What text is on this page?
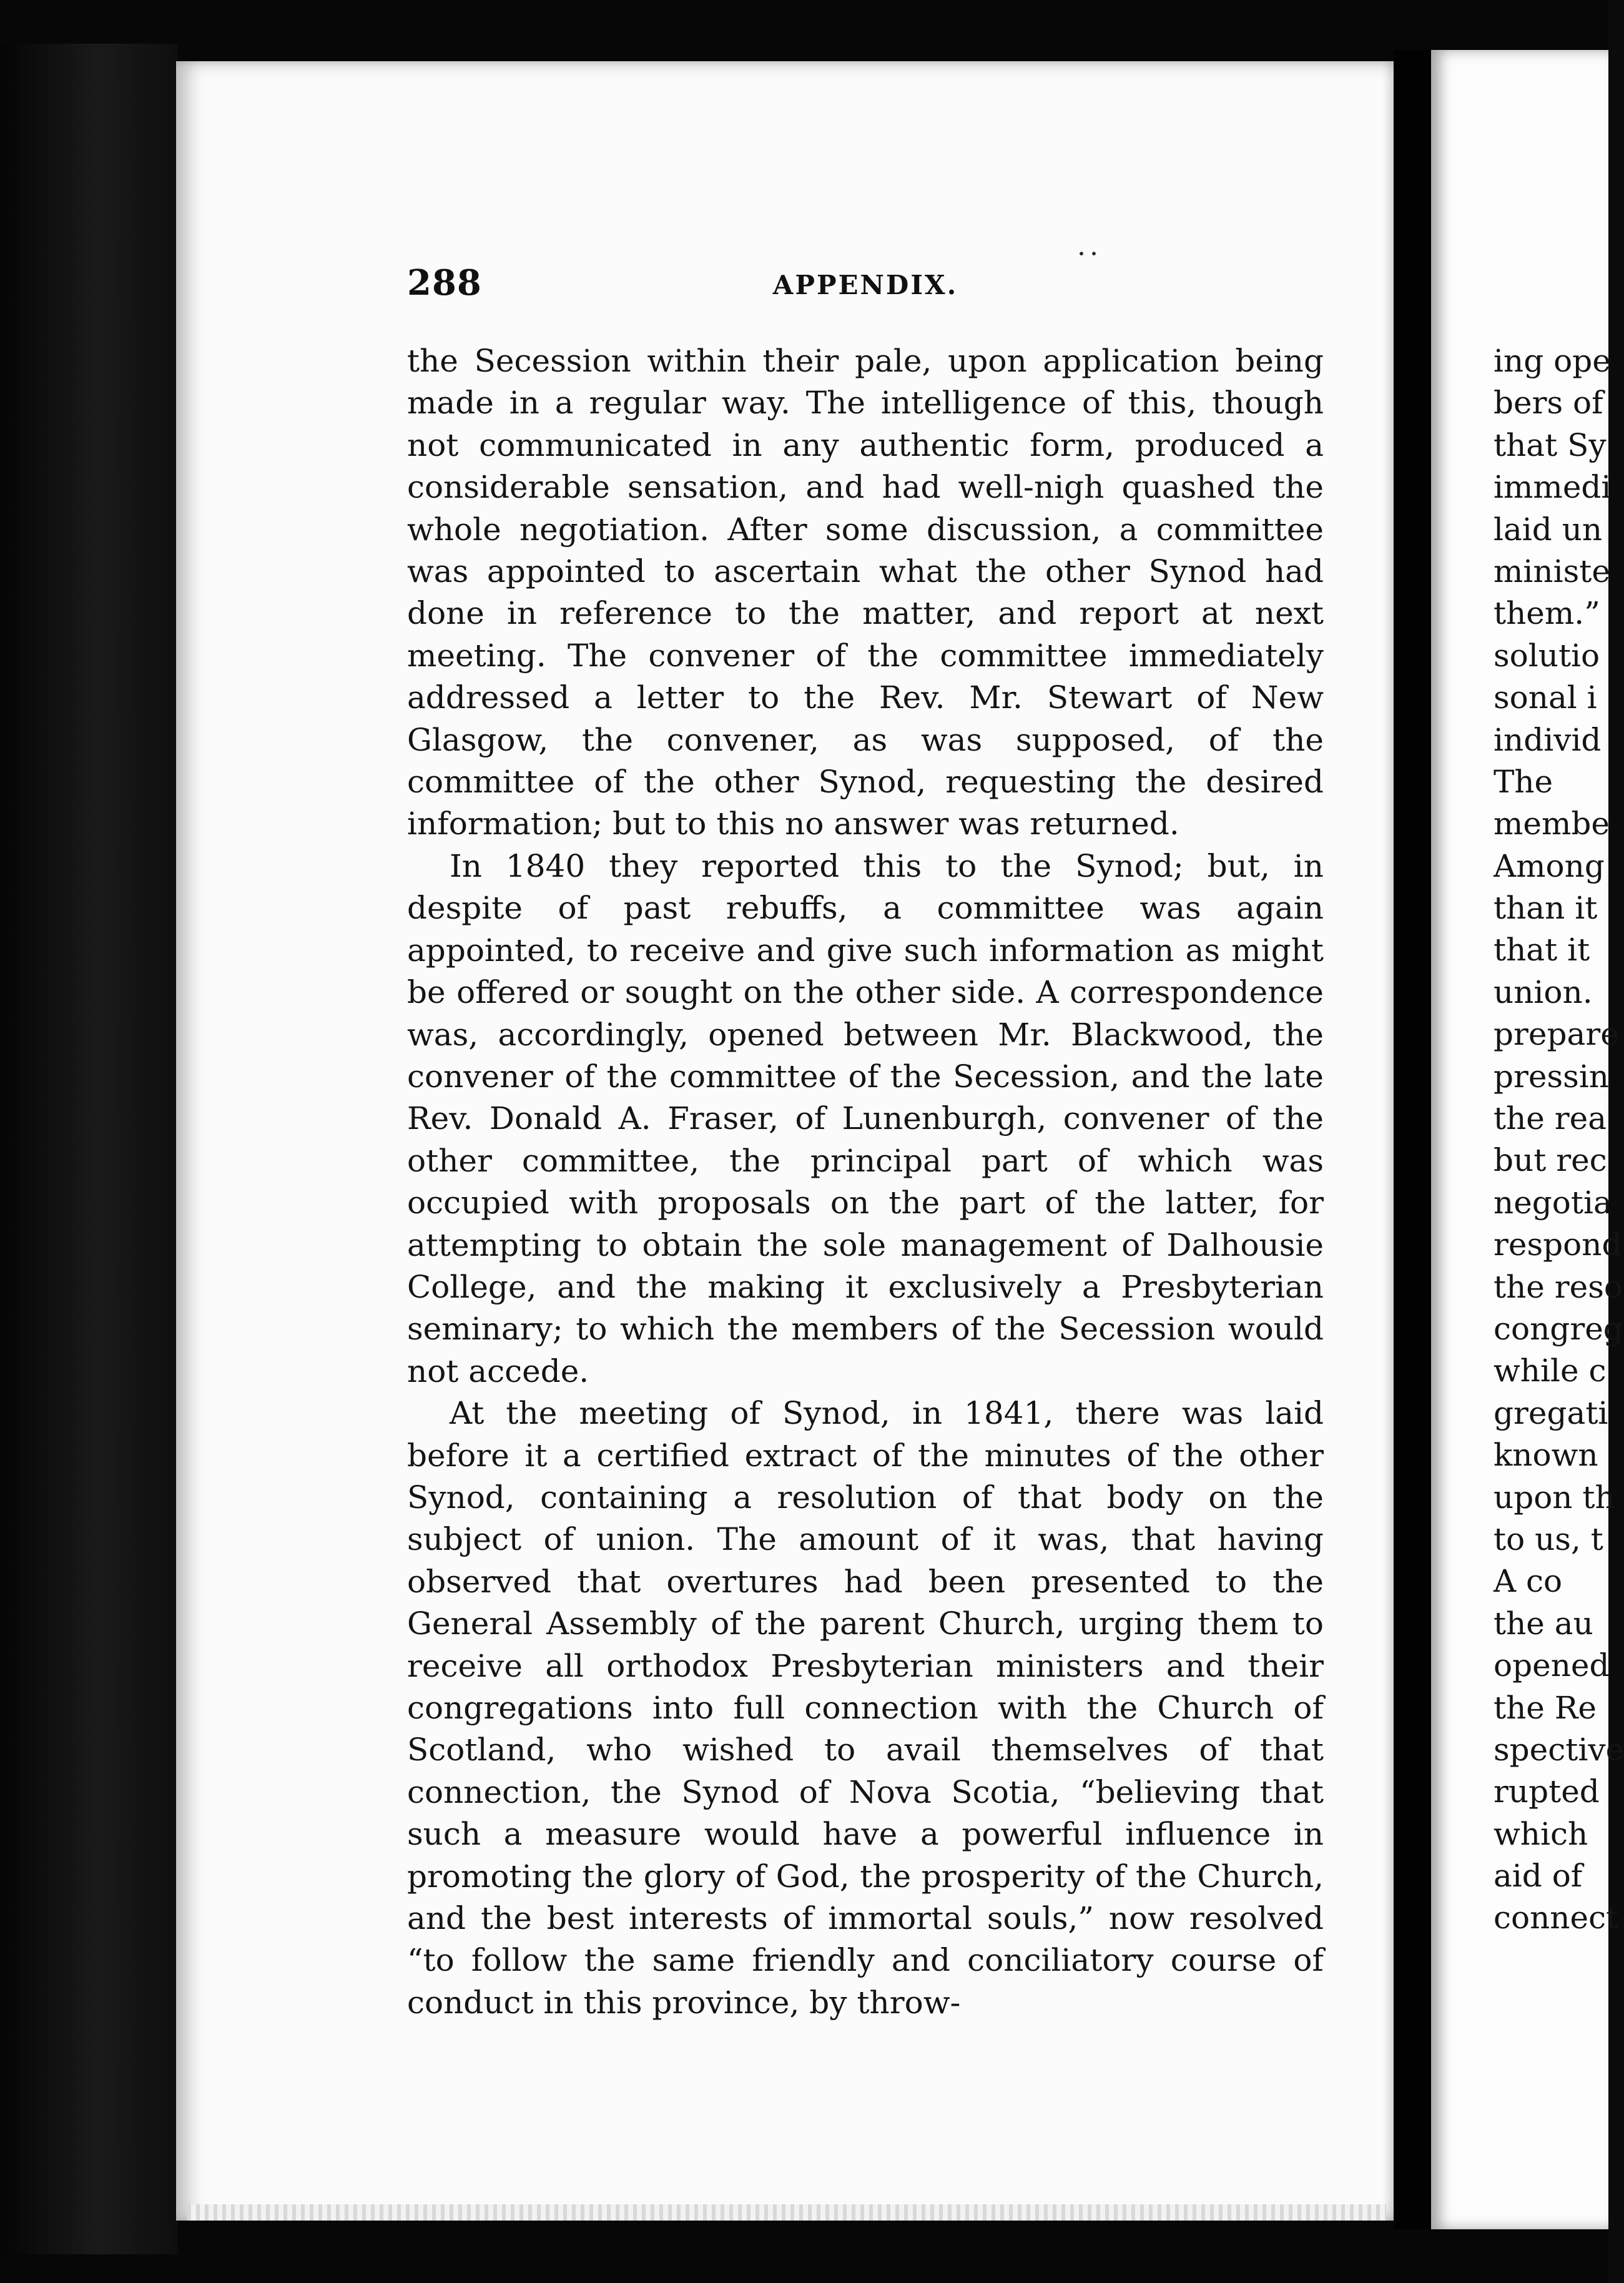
288	APPENDIX.
˙˙

the Secession within their pale, upon application being made in a regular way. The intelligence of this, though not communicated in any authentic form, produced a considerable sensation, and had well-nigh quashed the whole negotiation. After some discussion, a committee was appointed to ascertain what the other Synod had done in reference to the matter, and report at next meeting. The convener of the committee immediately addressed a letter to the Rev. Mr. Stewart of New Glasgow, the convener, as was supposed, of the committee of the other Synod, requesting the desired information; but to this no answer was returned.

In 1840 they reported this to the Synod; but, in despite of past rebuffs, a committee was again appointed, to receive and give such information as might be offered or sought on the other side. A correspondence was, accordingly, opened between Mr. Blackwood, the convener of the committee of the Secession, and the late Rev. Donald A. Fraser, of Lunenburgh, convener of the other committee, the principal part of which was occupied with proposals on the part of the latter, for attempting to obtain the sole management of Dalhousie College, and the making it exclusively a Presbyterian seminary; to which the members of the Secession would not accede.

At the meeting of Synod, in 1841, there was laid before it a certified extract of the minutes of the other Synod, containing a resolution of that body on the subject of union. The amount of it was, that having observed that overtures had been presented to the General Assembly of the parent Church, urging them to receive all orthodox Presbyterian ministers and their congregations into full connection with the Church of Scotland, who wished to avail themselves of that connection, the Synod of Nova Scotia, “believing that such a measure would have a powerful influence in promoting the glory of God, the prosperity of the Church, and the best interests of immortal souls,” now resolved “to follow the same friendly and conciliatory course of conduct in this province, by throw-

ing ope
bers of
that Sy
immedi
laid un
ministe
them.”
solutio
sonal i
individ
The
membe
Among
than it
that it
union.
prepare
pressin
the rea
but rec
negotia
respond
the reso
congreg
while c
gregati
known
upon th
to us, t
A co
the au
opened
the Re
spective
rupted
which
aid of
connect
